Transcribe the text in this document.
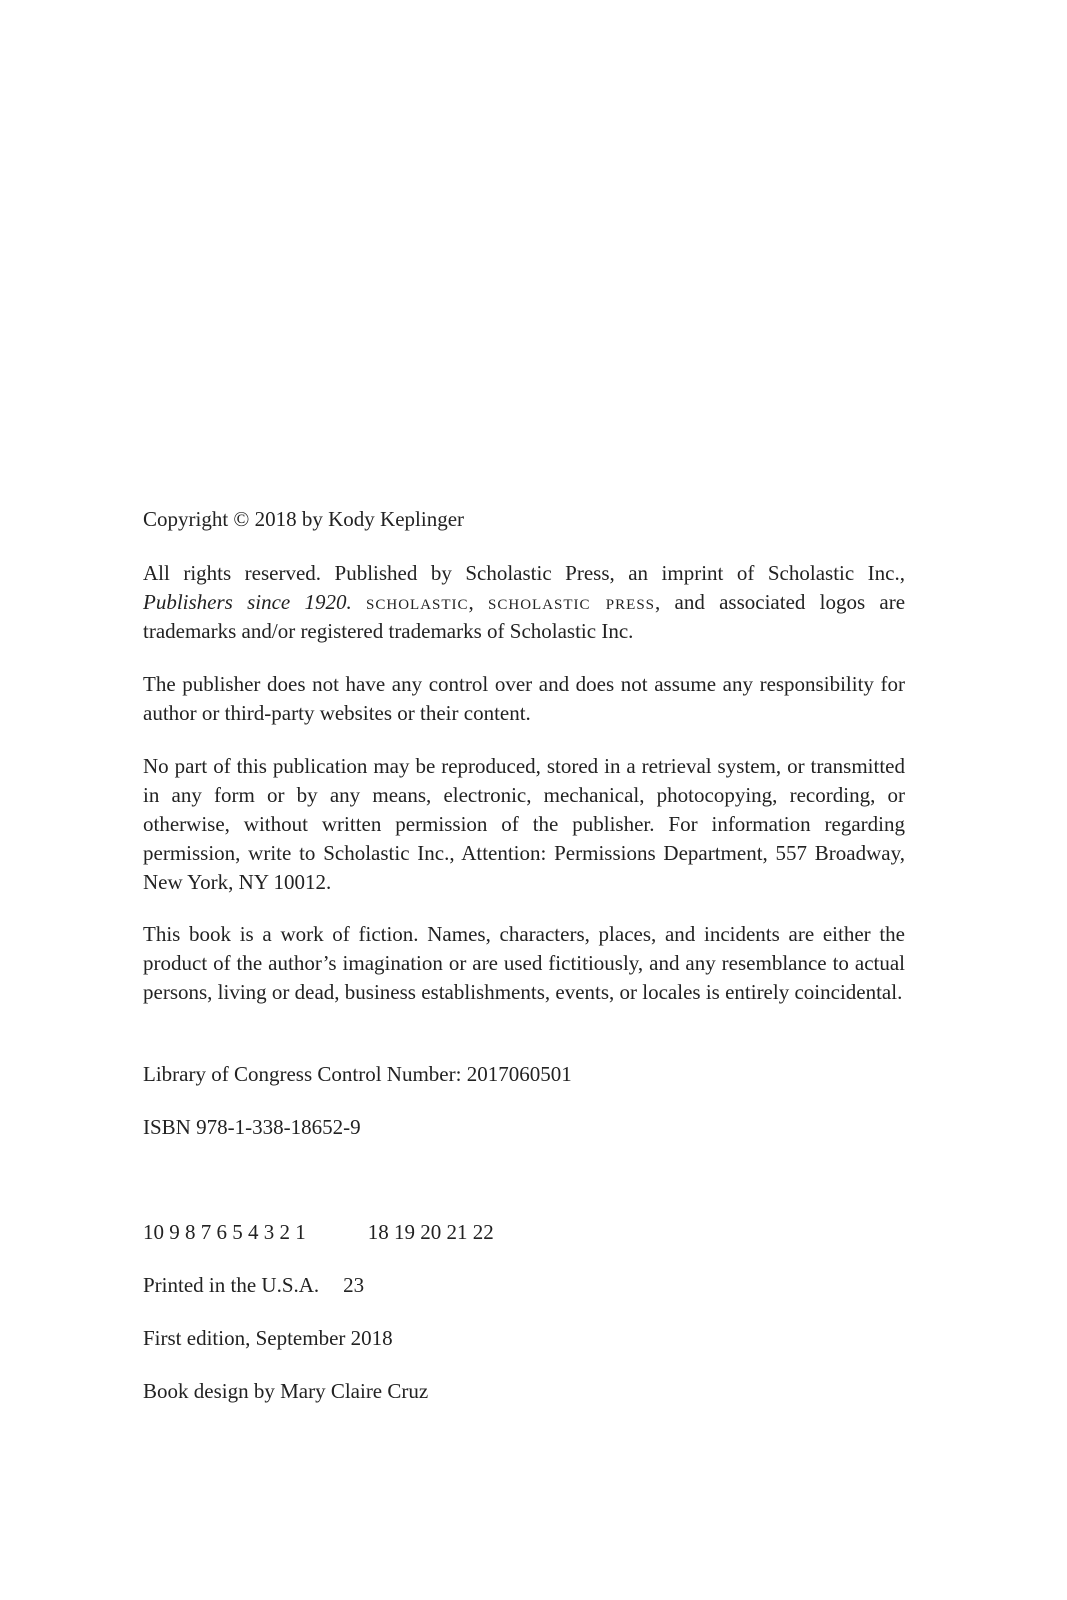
Copyright © 2018 by Kody Keplinger

All rights reserved. Published by Scholastic Press, an imprint of Scholastic Inc., Publishers since 1920. scholastic, scholastic press, and associated logos are trademarks and/or registered trademarks of Scholastic Inc.

The publisher does not have any control over and does not assume any responsibility for author or third-party websites or their content.

No part of this publication may be reproduced, stored in a retrieval system, or transmitted in any form or by any means, electronic, mechanical, photocopying, recording, or otherwise, without written permission of the publisher. For information regarding permission, write to Scholastic Inc., Attention: Permissions Department, 557 Broadway, New York, NY 10012.

This book is a work of fiction. Names, characters, places, and incidents are either the product of the author’s imagination or are used fictitiously, and any resemblance to actual persons, living or dead, business establishments, events, or locales is entirely coincidental.

Library of Congress Control Number: 2017060501

ISBN 978-1-338-18652-9

10 9 8 7 6 5 4 3 2 1	18 19 20 21 22

Printed in the U.S.A. 23

First edition, September 2018

Book design by Mary Claire Cruz
